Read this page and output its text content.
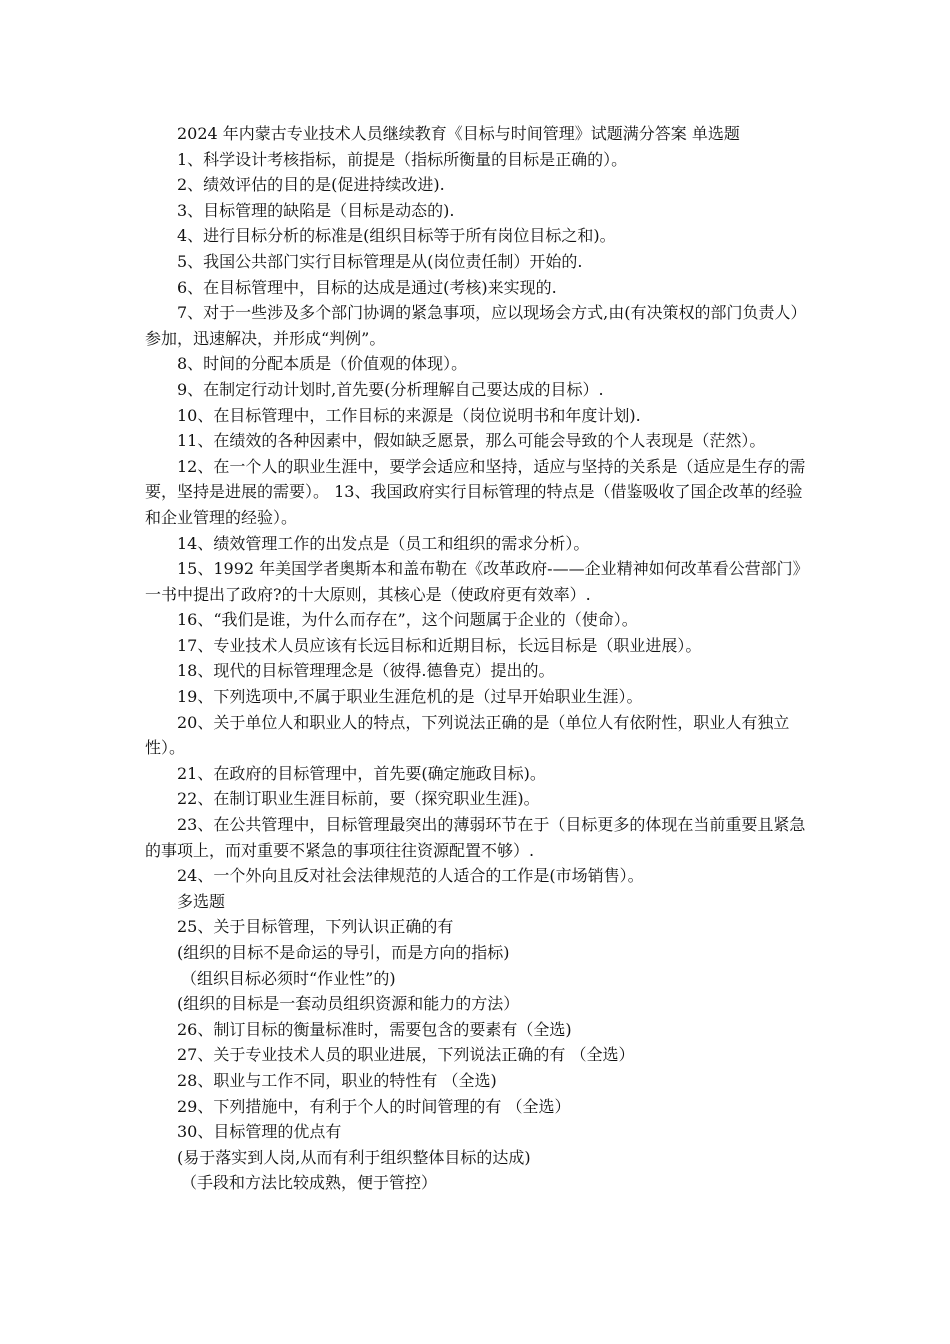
2024 年内蒙古专业技术人员继续教育《目标与时间管理》试题满分答案 单选题

1、科学设计考核指标，前提是（指标所衡量的目标是正确的）。

2、绩效评估的目的是(促进持续改进).

3、目标管理的缺陷是（目标是动态的).

4、进行目标分析的标准是(组织目标等于所有岗位目标之和)。

5、我国公共部门实行目标管理是从(岗位责任制）开始的.

6、在目标管理中，目标的达成是通过(考核)来实现的.

7、对于一些涉及多个部门协调的紧急事项，应以现场会方式,由(有决策权的部门负责人）参加，迅速解决，并形成“判例”。

8、时间的分配本质是（价值观的体现）。

9、在制定行动计划时,首先要(分析理解自己要达成的目标）.

10、在目标管理中，工作目标的来源是（岗位说明书和年度计划).

11、在绩效的各种因素中，假如缺乏愿景，那么可能会导致的个人表现是（茫然）。

12、在一个人的职业生涯中，要学会适应和坚持，适应与坚持的关系是（适应是生存的需要，坚持是进展的需要）。 13、我国政府实行目标管理的特点是（借鉴吸收了国企改革的经验和企业管理的经验）。

14、绩效管理工作的出发点是（员工和组织的需求分析）。

15、1992 年美国学者奥斯本和盖布勒在《改革政府-——企业精神如何改革看公营部门》一书中提出了政府?的十大原则，其核心是（使政府更有效率）.

16、“我们是谁，为什么而存在”，这个问题属于企业的（使命）。

17、专业技术人员应该有长远目标和近期目标，长远目标是（职业进展）。

18、现代的目标管理理念是（彼得.德鲁克）提出的。

19、下列选项中,不属于职业生涯危机的是（过早开始职业生涯）。

20、关于单位人和职业人的特点，下列说法正确的是（单位人有依附性，职业人有独立性）。

21、在政府的目标管理中，首先要(确定施政目标)。

22、在制订职业生涯目标前，要（探究职业生涯)。

23、在公共管理中，目标管理最突出的薄弱环节在于（目标更多的体现在当前重要且紧急的事项上，而对重要不紧急的事项往往资源配置不够）.

24、一个外向且反对社会法律规范的人适合的工作是(市场销售）。

多选题

25、关于目标管理，下列认识正确的有

(组织的目标不是命运的导引，而是方向的指标)

（组织目标必须时“作业性”的)

(组织的目标是一套动员组织资源和能力的方法）

26、制订目标的衡量标准时，需要包含的要素有（全选)

27、关于专业技术人员的职业进展，下列说法正确的有 （全选）

28、职业与工作不同，职业的特性有 （全选)

29、下列措施中，有利于个人的时间管理的有 （全选）

30、目标管理的优点有

(易于落实到人岗,从而有利于组织整体目标的达成)

（手段和方法比较成熟，便于管控）
